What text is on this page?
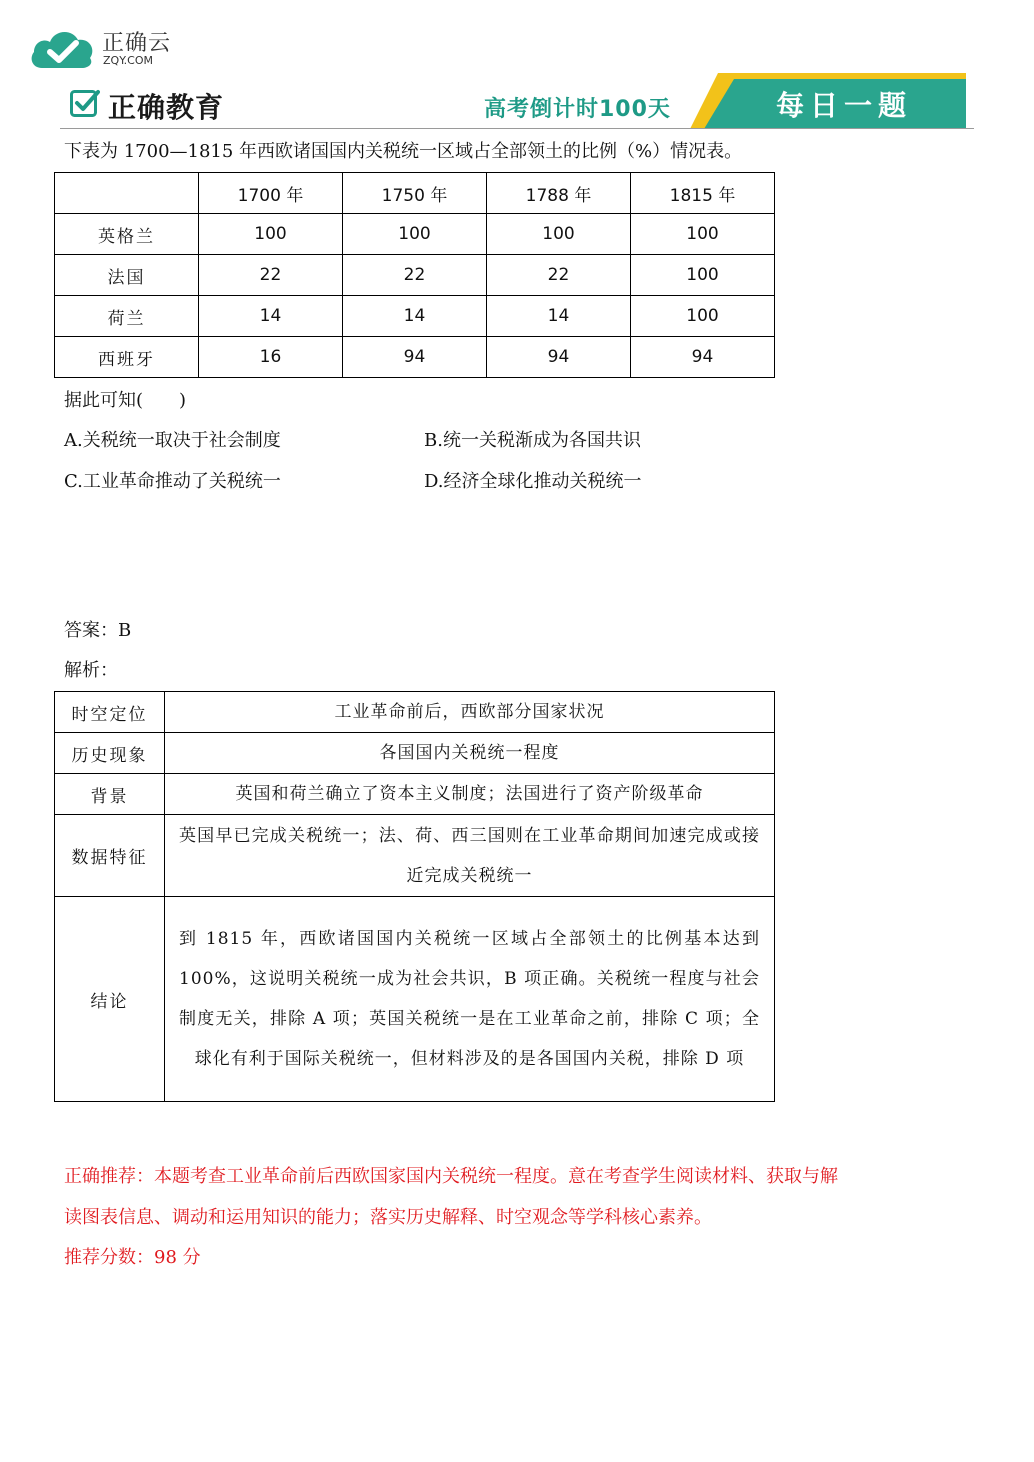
正确云
ZQY.COM
正确教育	高考倒计时100天	每日一题
下表为 1700—1815 年西欧诸国国内关税统一区域占全部领土的比例（%）情况表。
	1700 年	1750 年	1788 年	1815 年
英格兰	100	100	100	100
法国	22	22	22	100
荷兰	14	14	14	100
西班牙	16	94	94	94
据此可知(　　)
A.关税统一取决于社会制度	B.统一关税渐成为各国共识
C.工业革命推动了关税统一	D.经济全球化推动关税统一
答案：B
解析：
时空定位	工业革命前后，西欧部分国家状况
历史现象	各国国内关税统一程度
背景	英国和荷兰确立了资本主义制度；法国进行了资产阶级革命
数据特征	英国早已完成关税统一；法、荷、西三国则在工业革命期间加速完成或接近完成关税统一
结论	到 1815 年，西欧诸国国内关税统一区域占全部领土的比例基本达到 100%，这说明关税统一成为社会共识，B 项正确。关税统一程度与社会制度无关，排除 A 项；英国关税统一是在工业革命之前，排除 C 项；全球化有利于国际关税统一，但材料涉及的是各国国内关税，排除 D 项
正确推荐：本题考查工业革命前后西欧国家国内关税统一程度。意在考查学生阅读材料、获取与解
读图表信息、调动和运用知识的能力；落实历史解释、时空观念等学科核心素养。
推荐分数：98 分
